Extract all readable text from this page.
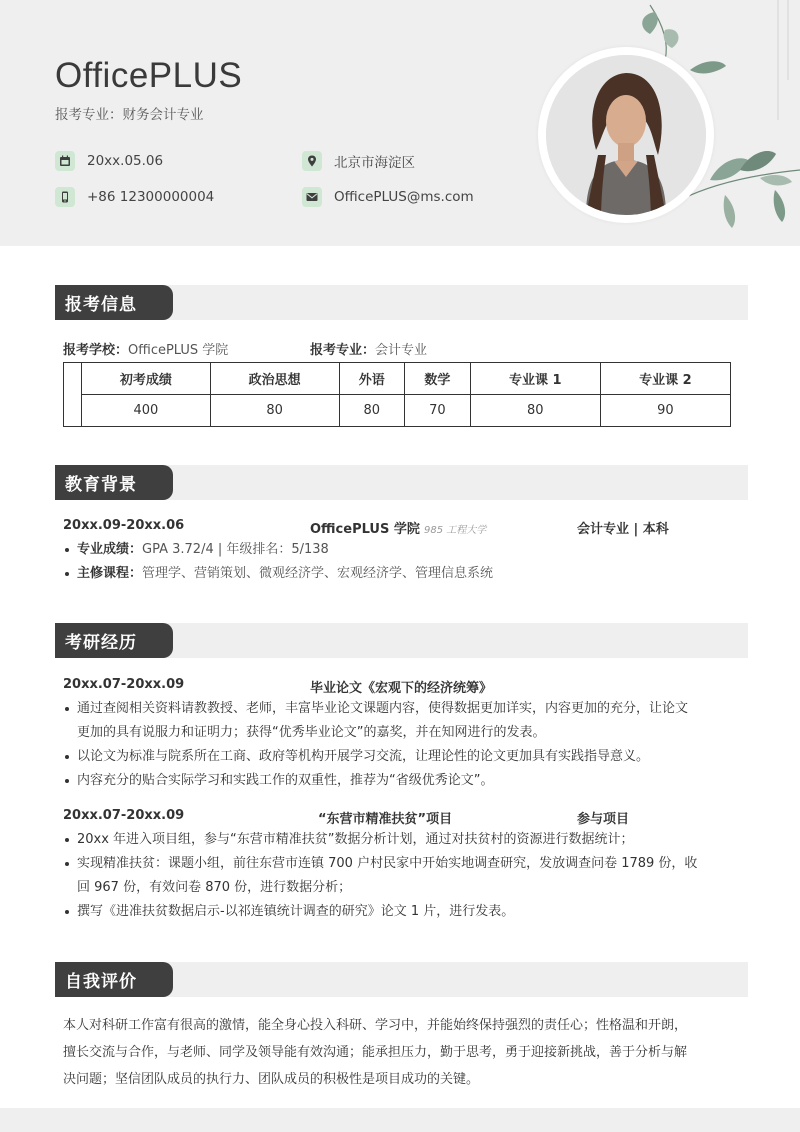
OfficePLUS
报考专业：财务会计专业
20xx.05.06	北京市海淀区
+86 12300000004	OfficePLUS@ms.com
报考信息
报考学校：OfficePLUS 学院	报考专业：会计专业
	初考成绩	政治思想	外语	数学	专业课 1	专业课 2
	400	80	80	70	80	90
教育背景
20xx.09-20xx.06	OfficePLUS 学院 985 工程大学	会计专业 | 本科
专业成绩：GPA 3.72/4 | 年级排名：5/138
主修课程：管理学、营销策划、微观经济学、宏观经济学、管理信息系统
考研经历
20xx.07-20xx.09	毕业论文《宏观下的经济统筹》
通过查阅相关资料请教教授、老师，丰富毕业论文课题内容，使得数据更加详实，内容更加的充分，让论文
更加的具有说服力和证明力；获得“优秀毕业论文”的嘉奖，并在知网进行的发表。
以论文为标准与院系所在工商、政府等机构开展学习交流，让理论性的论文更加具有实践指导意义。
内容充分的贴合实际学习和实践工作的双重性，推荐为“省级优秀论文”。
20xx.07-20xx.09	“东营市精准扶贫”项目	参与项目
20xx 年进入项目组，参与“东营市精准扶贫”数据分析计划，通过对扶贫村的资源进行数据统计；
实现精准扶贫：课题小组，前往东营市连镇 700 户村民家中开始实地调查研究，发放调查问卷 1789 份，收
回 967 份，有效问卷 870 份，进行数据分析；
撰写《进准扶贫数据启示-以祁连镇统计调查的研究》论文 1 片，进行发表。
自我评价
本人对科研工作富有很高的激情，能全身心投入科研、学习中，并能始终保持强烈的责任心；性格温和开朗，
擅长交流与合作，与老师、同学及领导能有效沟通；能承担压力，勤于思考，勇于迎接新挑战，善于分析与解
决问题；坚信团队成员的执行力、团队成员的积极性是项目成功的关键。
